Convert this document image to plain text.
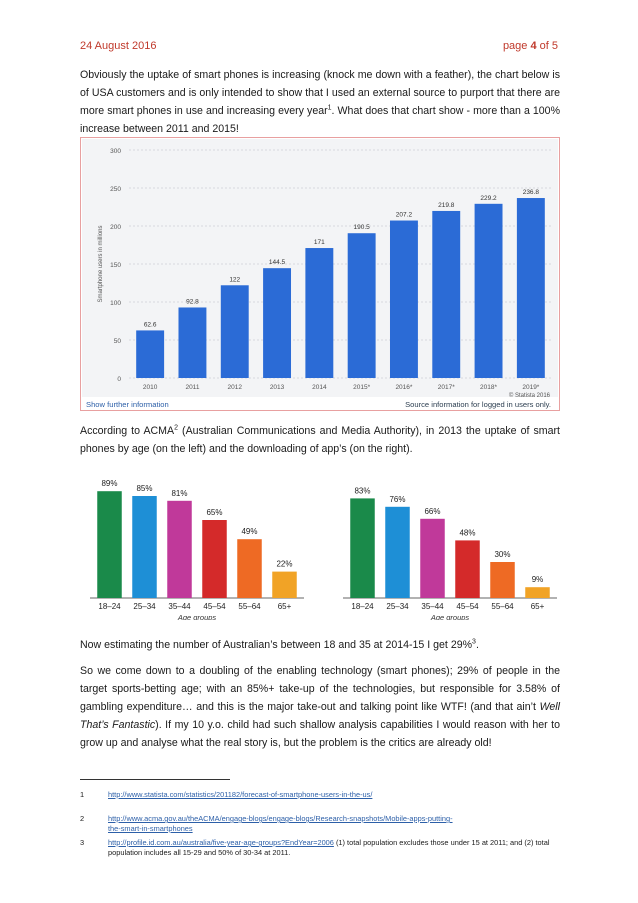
24 August 2016	page 4 of 5

Obviously the uptake of smart phones is increasing (knock me down with a feather), the chart below is of USA customers and is only intended to show that I used an external source to purport that there are more smart phones in use and increasing every year$^1$. What does that chart show - more than a 100% increase between 2011 and 2015!

0
50
100
150
200
250
300
Smartphone users in millions
62.6
2010
92.8
2011
122
2012
144.5
2013
171
2014
190.5
2015*
207.2
2016*
219.8
2017*
229.2
2018*
236.8
2019*
© Statista 2016
Show further information	Source information for logged in users only.

According to ACMA$^2$ (Australian Communications and Media Authority), in 2013 the uptake of smart phones by age (on the left) and the downloading of app’s (on the right).

89%
18–24
85%
25–34
81%
35–44
65%
45–54
49%
55–64
22%
65+
Age groups
83%
18–24
76%
25–34
66%
35–44
48%
45–54
30%
55–64
9%
65+
Age groups

Now estimating the number of Australian’s between 18 and 35 at 2014-15 I get 29%$^3$.

So we come down to a doubling of the enabling technology (smart phones); 29% of people in the target sports-betting age; with an 85%+ take-up of the technologies, but responsible for 3.58% of gambling expenditure… and this is the major take-out and talking point like WTF! (and that ain’t Well That’s Fantastic). If my 10 y.o. child had such shallow analysis capabilities I would reason with her to grow up and analyse what the real story is, but the problem is the critics are already old!

1	http://www.statista.com/statistics/201182/forecast-of-smartphone-users-in-the-us/
2	http://www.acma.gov.au/theACMA/engage-blogs/engage-blogs/Research-snapshots/Mobile-apps-putting-the-smart-in-smartphones
3	http://profile.id.com.au/australia/five-year-age-groups?EndYear=2006 (1) total population excludes those under 15 at 2011; and (2) total population includes all 15-29 and 50% of 30-34 at 2011.
